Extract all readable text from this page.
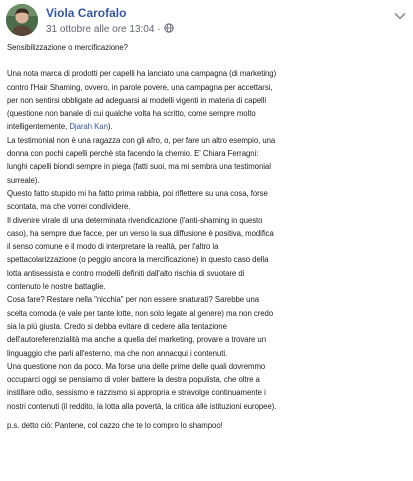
Viola Carofalo
31 ottobre alle ore 13:04 ·
Sensibilizzazione o mercificazione?
Una nota marca di prodotti per capelli ha lanciato una campagna (di marketing)
contro l'Hair Shaming, ovvero, in parole povere, una campagna per accettarsi,
per non sentirsi obbligate ad adeguarsi ai modelli vigenti in materia di capelli
(questione non banale di cui qualche volta ha scritto, come sempre molto
intelligentemente, Djarah Kan).
La testimonial non è una ragazza con gli afro, o, per fare un altro esempio, una
donna con pochi capelli perchè sta facendo la chemio. E' Chiara Ferragni:
lunghi capelli biondi sempre in piega (fatti suoi, ma mi sembra una testimonial
surreale).
Questo fatto stupido mi ha fatto prima rabbia, poi riflettere su una cosa, forse
scontata, ma che vorrei condividere.
Il divenire virale di una determinata rivendicazione (l'anti-shaming in questo
caso), ha sempre due facce, per un verso la sua diffusione è positiva, modifica
il senso comune e il modo di interpretare la realtà, per l'altro la
spettacolarizzazione (o peggio ancora la mercificazione) in questo caso della
lotta antisessista e contro modelli definiti dall'alto rischia di svuotare di
contenuto le nostre battaglie.
Cosa fare? Restare nella "nicchia" per non essere snaturati? Sarebbe una
scelta comoda (e vale per tante lotte, non solo legate al genere) ma non credo
sia la più giusta. Credo si debba evitare di cedere alla tentazione
dell'autoreferenzialità ma anche a quella del marketing, provare a trovare un
linguaggio che parli all'esterno, ma che non annacqui i contenuti.
Una questione non da poco. Ma forse una delle prime delle quali dovremmo
occuparci oggi se pensiamo di voler battere la destra populista, che oltre a
instillare odio, sessismo e razzismo si appropria e stravolge continuamente i
nostri contenuti (il reddito, la lotta alla povertà, la critica alle istituzioni europee).
p.s. detto ciò: Pantene, col cazzo che te lo compro lo shampoo!
